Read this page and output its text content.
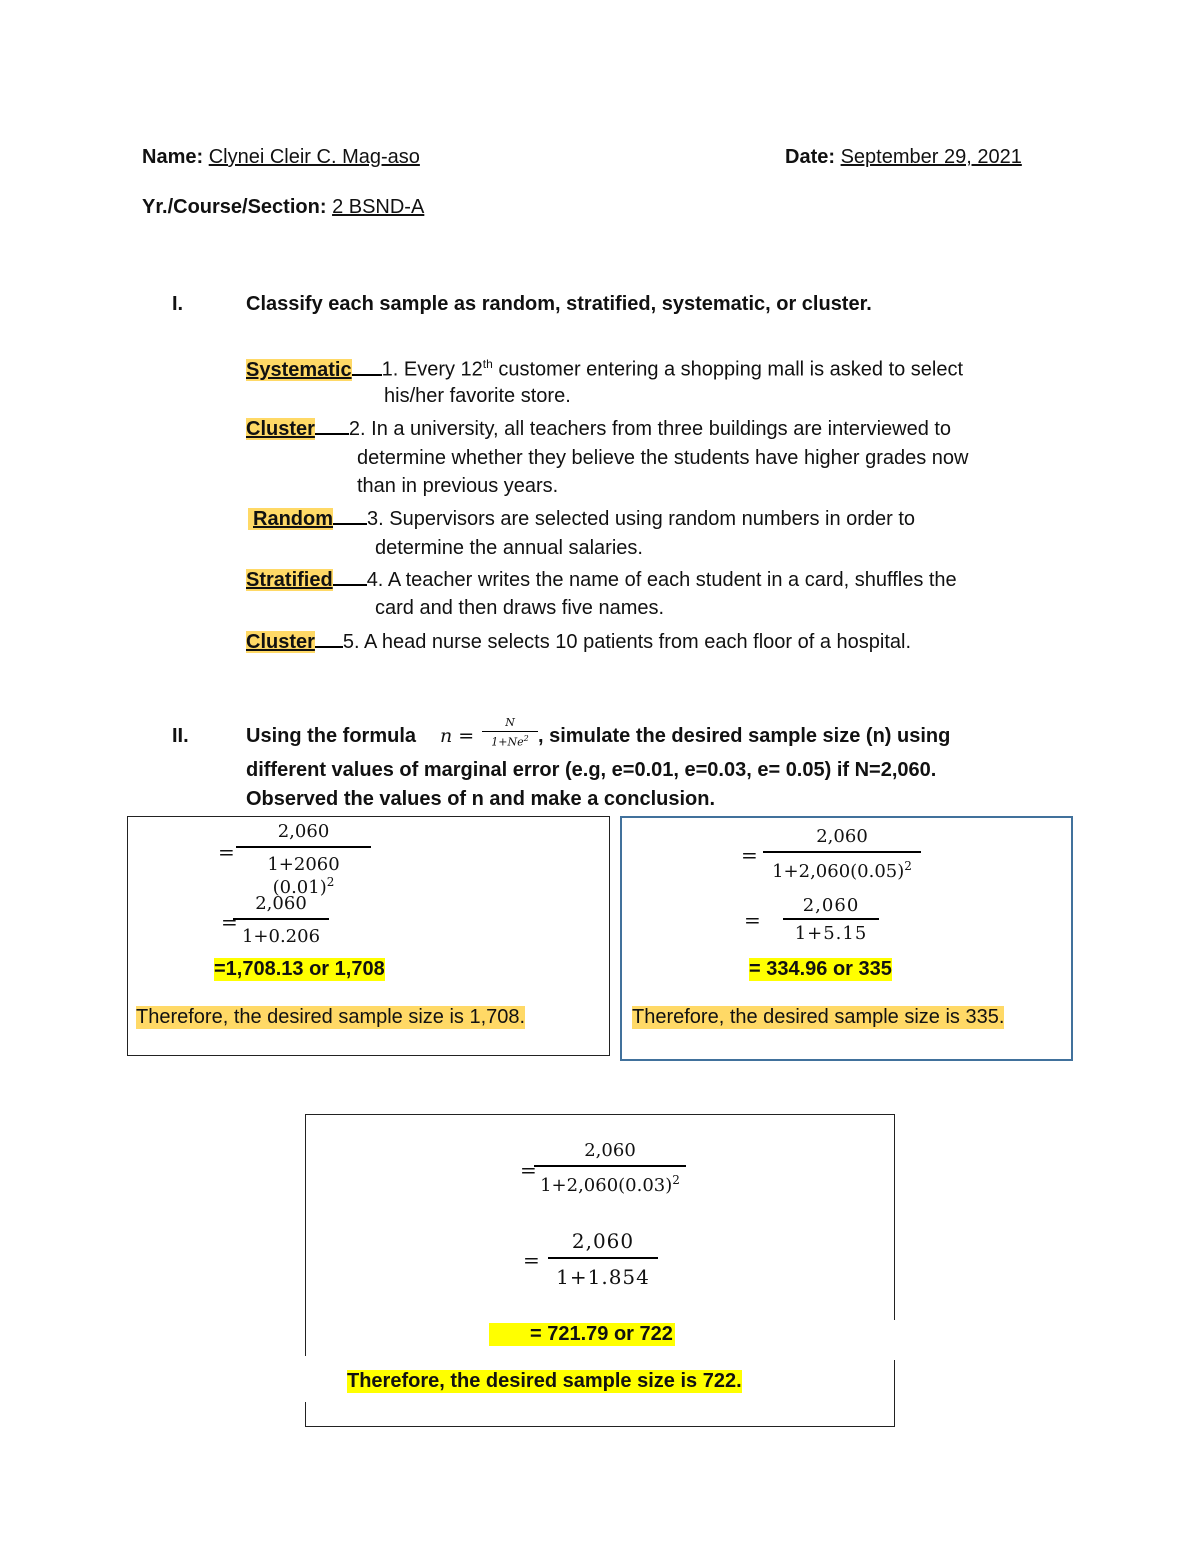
Name: Clynei Cleir C. Mag-aso	Date: September 29, 2021
Yr./Course/Section: 2 BSND-A
I.	Classify each sample as random, stratified, systematic, or cluster.
Systematic 1. Every 12th customer entering a shopping mall is asked to select
his/her favorite store.
Cluster 2. In a university, all teachers from three buildings are interviewed to
determine whether they believe the students have higher grades now
than in previous years.
Random 3. Supervisors are selected using random numbers in order to
determine the annual salaries.
Stratified 4. A teacher writes the name of each student in a card, shuffles the
card and then draws five names.
Cluster 5. A head nurse selects 10 patients from each floor of a hospital.
II.	Using the formula n =
N
$1+Ne^2$ , simulate the desired sample size (n) using
different values of marginal error (e.g, e=0.01, e=0.03, e= 0.05) if N=2,060.
Observed the values of n and make a conclusion.
=
2,060
1+2060 $(0.01)^2$
=
2,060
1+0.206
=1,708.13 or 1,708
Therefore, the desired sample size is 1,708.
=
2,060
$1+2,060(0.05)^2$
=
2,060
1+5.15
= 334.96 or 335
Therefore, the desired sample size is 335.
=
2,060
$1+2,060(0.03)^2$
=
2,060
1+1.854
= 721.79 or 722
Therefore, the desired sample size is 722.
